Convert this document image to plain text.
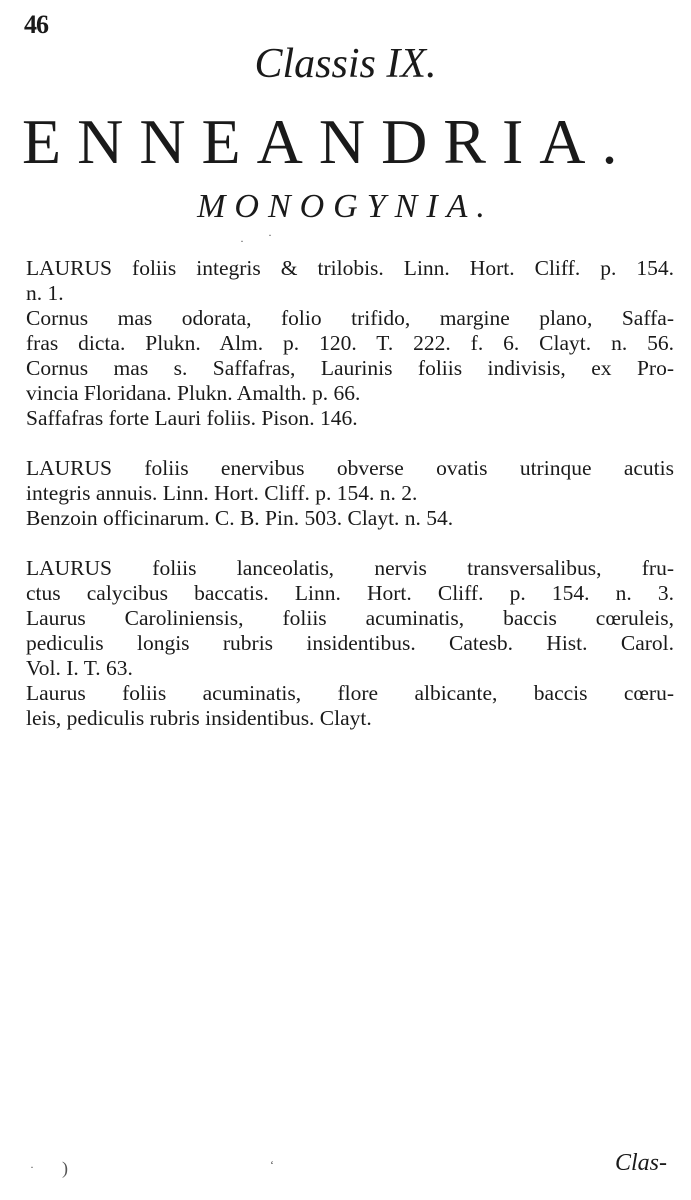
46
Classis IX.
ENNEANDRIA.
MONOGYNIA.
· ·
LAURUS foliis integris & trilobis. Linn. Hort. Cliff. p. 154.
n. 1.
Cornus mas odorata, folio trifido, margine plano, Saffa-
fras dicta. Plukn. Alm. p. 120. T. 222. f. 6. Clayt. n. 56.
Cornus mas s. Saffafras, Laurinis foliis indivisis, ex Pro-
vincia Floridana. Plukn. Amalth. p. 66.
Saffafras forte Lauri foliis. Pison. 146.
LAURUS foliis enervibus obverse ovatis utrinque acutis
integris annuis. Linn. Hort. Cliff. p. 154. n. 2.
Benzoin officinarum. C. B. Pin. 503. Clayt. n. 54.
LAURUS foliis lanceolatis, nervis transversalibus, fru-
ctus calycibus baccatis. Linn. Hort. Cliff. p. 154. n. 3.
Laurus Caroliniensis, foliis acuminatis, baccis cœruleis,
pediculis longis rubris insidentibus. Catesb. Hist. Carol.
Vol. I. T. 63.
Laurus foliis acuminatis, flore albicante, baccis cœru-
leis, pediculis rubris insidentibus. Clayt.
· )	‘	Clas-
